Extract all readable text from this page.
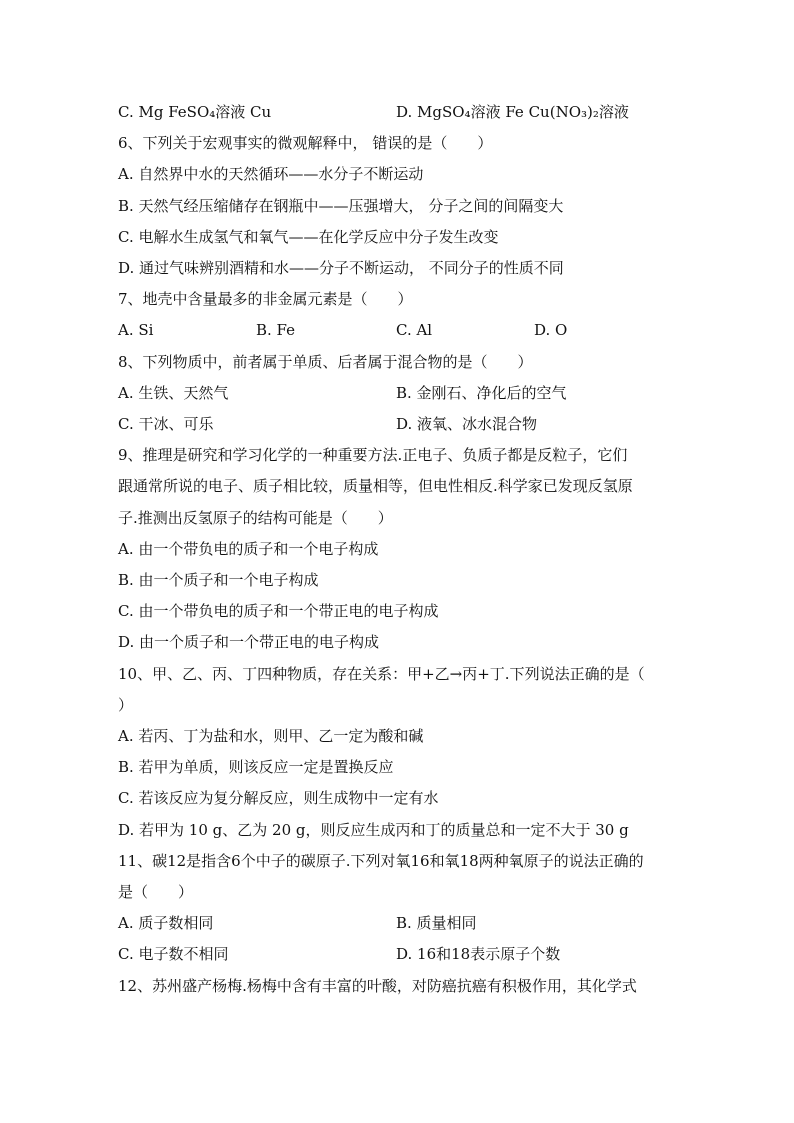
C. Mg FeSO₄溶液 Cu	D. MgSO₄溶液 Fe Cu(NO₃)₂溶液
6、下列关于宏观事实的微观解释中， 错误的是（　　）
A. 自然界中水的天然循环——水分子不断运动
B. 天然气经压缩储存在钢瓶中——压强增大， 分子之间的间隔变大
C. 电解水生成氢气和氧气——在化学反应中分子发生改变
D. 通过气味辨别酒精和水——分子不断运动， 不同分子的性质不同
7、地壳中含量最多的非金属元素是（　　）
A. Si	B. Fe	C. Al	D. O
8、下列物质中，前者属于单质、后者属于混合物的是（　　）
A. 生铁、天然气	B. 金刚石、净化后的空气
C. 干冰、可乐	D. 液氧、冰水混合物
9、推理是研究和学习化学的一种重要方法.正电子、负质子都是反粒子，它们
跟通常所说的电子、质子相比较，质量相等，但电性相反.科学家已发现反氢原
子.推测出反氢原子的结构可能是（　　）
A. 由一个带负电的质子和一个电子构成
B. 由一个质子和一个电子构成
C. 由一个带负电的质子和一个带正电的电子构成
D. 由一个质子和一个带正电的电子构成
10、甲、乙、丙、丁四种物质，存在关系：甲+乙→丙+丁.下列说法正确的是（
）
A. 若丙、丁为盐和水，则甲、乙一定为酸和碱
B. 若甲为单质，则该反应一定是置换反应
C. 若该反应为复分解反应，则生成物中一定有水
D. 若甲为 10 g、乙为 20 g，则反应生成丙和丁的质量总和一定不大于 30 g
11、碳12是指含6个中子的碳原子.下列对氧16和氧18两种氧原子的说法正确的
是（　　）
A. 质子数相同	B. 质量相同
C. 电子数不相同	D. 16和18表示原子个数
12、苏州盛产杨梅.杨梅中含有丰富的叶酸，对防癌抗癌有积极作用，其化学式
